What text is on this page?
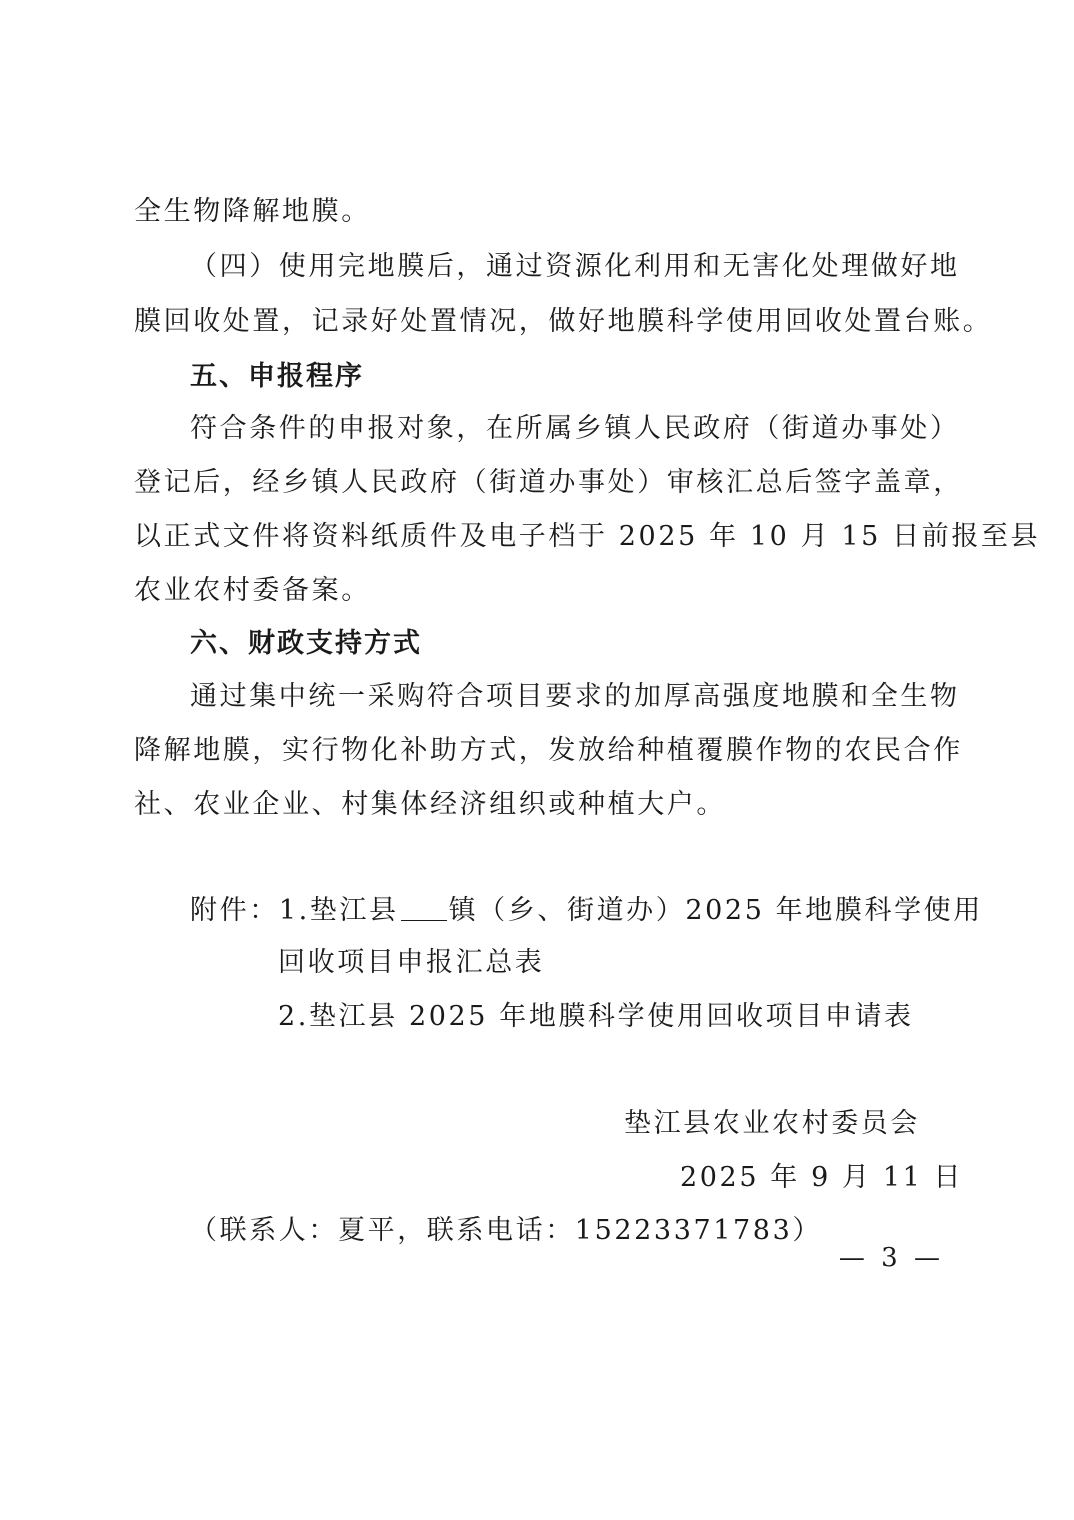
全生物降解地膜。
（四）使用完地膜后，通过资源化利用和无害化处理做好地
膜回收处置，记录好处置情况，做好地膜科学使用回收处置台账。
五、申报程序
符合条件的申报对象，在所属乡镇人民政府（街道办事处）
登记后，经乡镇人民政府（街道办事处）审核汇总后签字盖章，
以正式文件将资料纸质件及电子档于 2025 年 10 月 15 日前报至县
农业农村委备案。
六、财政支持方式
通过集中统一采购符合项目要求的加厚高强度地膜和全生物
降解地膜，实行物化补助方式，发放给种植覆膜作物的农民合作
社、农业企业、村集体经济组织或种植大户。
附件：1.垫江县 镇（乡、街道办）2025 年地膜科学使用
回收项目申报汇总表
2.垫江县 2025 年地膜科学使用回收项目申请表
垫江县农业农村委员会
2025 年 9 月 11 日
（联系人：夏平，联系电话：15223371783）
— 3 —
